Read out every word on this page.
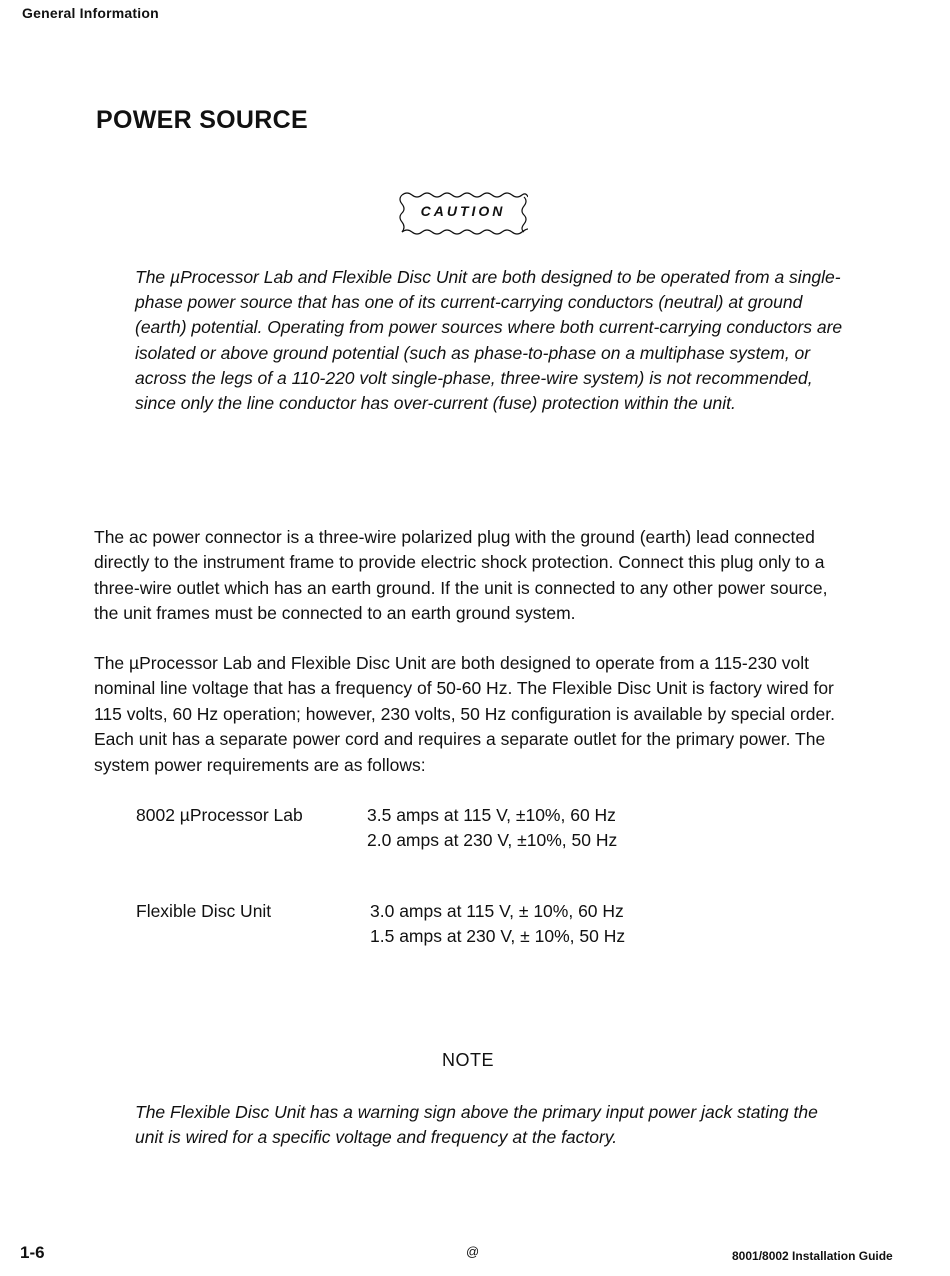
General Information
POWER SOURCE
CAUTION

The µProcessor Lab and Flexible Disc Unit are both designed to be operated from a single-phase power source that has one of its current-carrying conductors (neutral) at ground (earth) potential. Operating from power sources where both current-carrying conductors are isolated or above ground potential (such as phase-to-phase on a multiphase system, or across the legs of a 110-220 volt single-phase, three-wire system) is not recommended, since only the line conductor has over-current (fuse) protection within the unit.

The ac power connector is a three-wire polarized plug with the ground (earth) lead connected directly to the instrument frame to provide electric shock protection. Connect this plug only to a three-wire outlet which has an earth ground. If the unit is connected to any other power source, the unit frames must be connected to an earth ground system.

The µProcessor Lab and Flexible Disc Unit are both designed to operate from a 115-230 volt nominal line voltage that has a frequency of 50-60 Hz. The Flexible Disc Unit is factory wired for 115 volts, 60 Hz operation; however, 230 volts, 50 Hz configuration is available by special order. Each unit has a separate power cord and requires a separate outlet for the primary power. The system power requirements are as follows:

8002 µProcessor Lab	3.5 amps at 115 V, ±10%, 60 Hz
2.0 amps at 230 V, ±10%, 50 Hz
Flexible Disc Unit	3.0 amps at 115 V, ± 10%, 60 Hz
1.5 amps at 230 V, ± 10%, 50 Hz
NOTE

The Flexible Disc Unit has a warning sign above the primary input power jack stating the unit is wired for a specific voltage and frequency at the factory.

1-6	@	8001/8002 Installation Guide
